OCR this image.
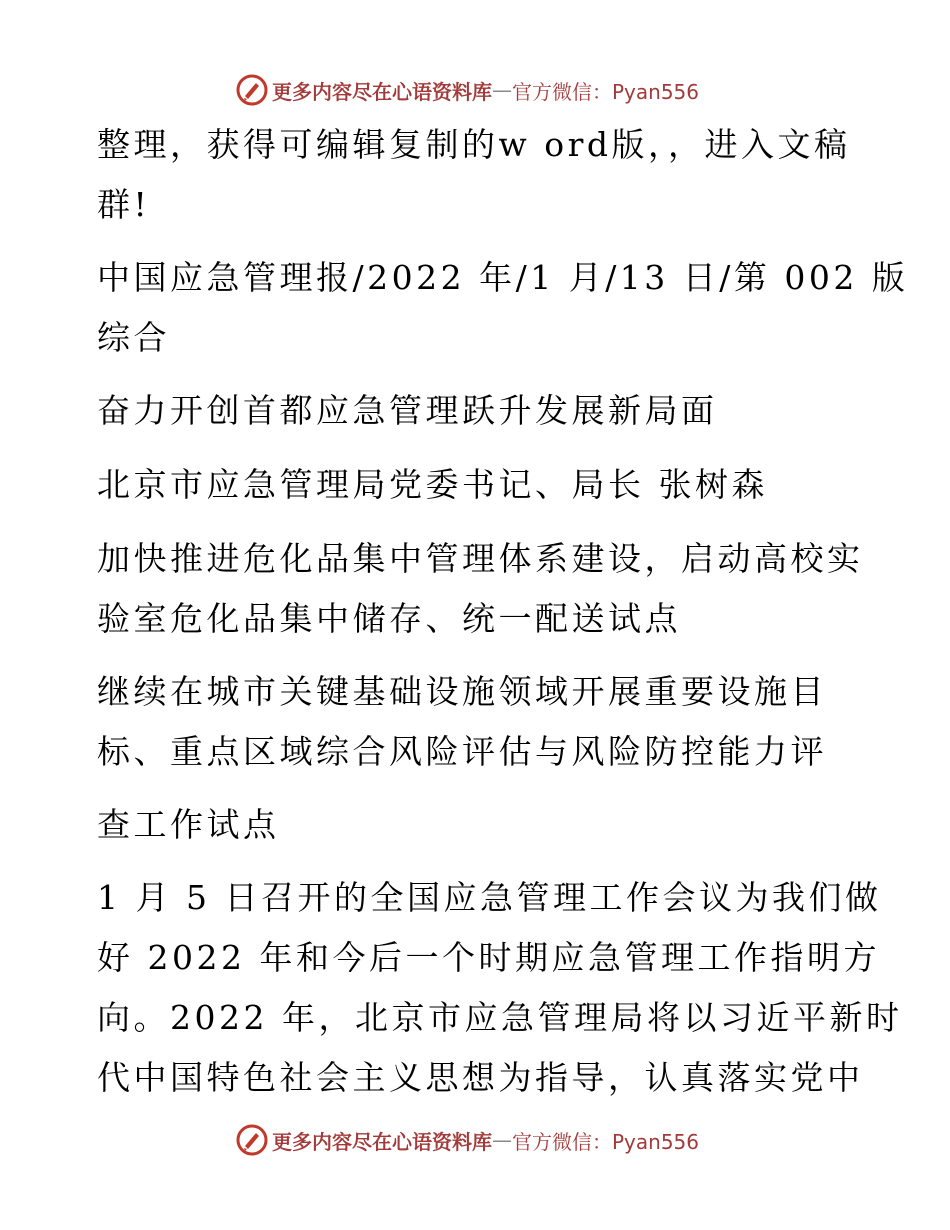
更多内容尽在心语资料库 — 官方微信：Pyan556
整理，获得可编辑复制的w ord版，，进入文稿
群!
中国应急管理报/2022 年/1 月/13 日/第 002 版
综合
奋力开创首都应急管理跃升发展新局面
北京市应急管理局党委书记、局长 张树森
加快推进危化品集中管理体系建设，启动高校实
验室危化品集中储存、统一配送试点
继续在城市关键基础设施领域开展重要设施目
标、重点区域综合风险评估与风险防控能力评
查工作试点
1 月 5 日召开的全国应急管理工作会议为我们做
好 2022 年和今后一个时期应急管理工作指明方
向。2022 年，北京市应急管理局将以习近平新时
代中国特色社会主义思想为指导，认真落实党中
更多内容尽在心语资料库 — 官方微信：Pyan556
